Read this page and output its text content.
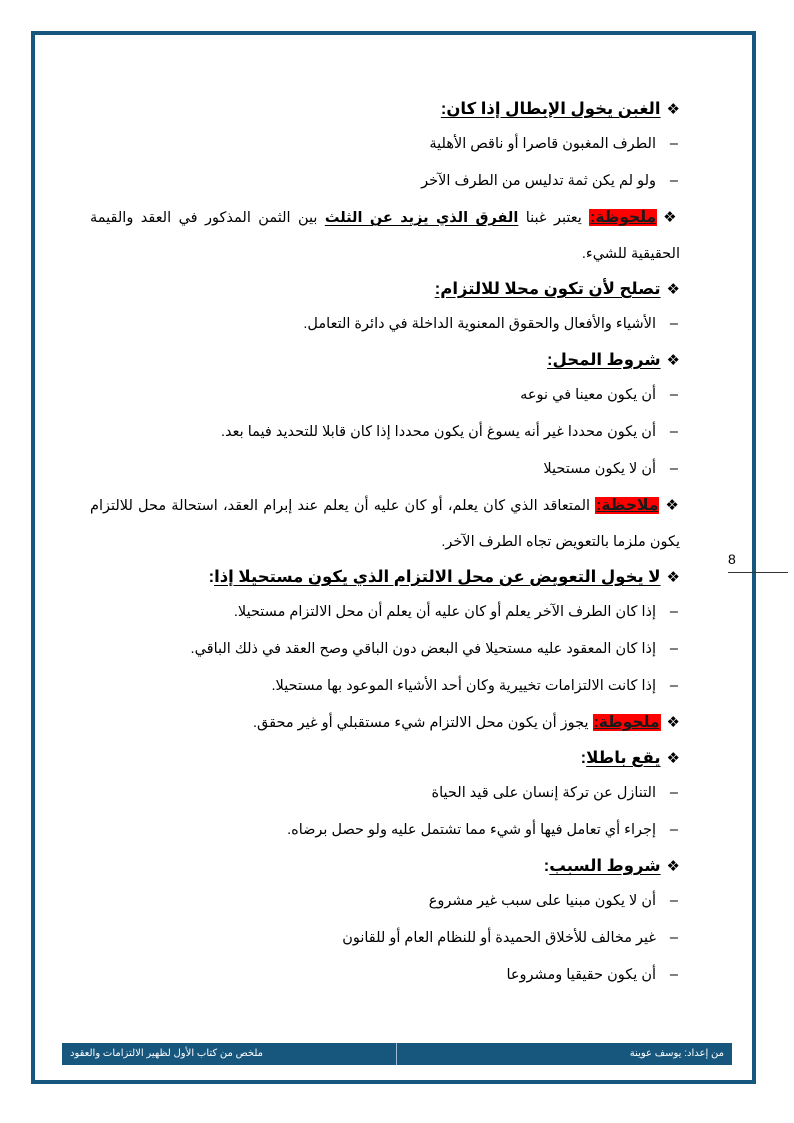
❖الغبن يخول الإبطال إذا كان:
–الطرف المغبون قاصرا أو ناقص الأهلية
–ولو لم يكن ثمة تدليس من الطرف الآخر
❖ملحوظة: يعتبر غبنا الفرق الذي يزيد عن الثلث بين الثمن المذكور في العقد والقيمة الحقيقية للشيء.
❖تصلح لأن تكون محلا للالتزام:
–الأشياء والأفعال والحقوق المعنوية الداخلة في دائرة التعامل.
❖شروط المحل:
–أن يكون معينا في نوعه
–أن يكون محددا غير أنه يسوغ أن يكون محددا إذا كان قابلا للتحديد فيما بعد.
–أن لا يكون مستحيلا
❖ملاحظة: المتعاقد الذي كان يعلم، أو كان عليه أن يعلم عند إبرام العقد، استحالة محل للالتزام يكون ملزما بالتعويض تجاه الطرف الآخر.
❖لا يخول التعويض عن محل الالتزام الذي يكون مستحيلا إذا:
–إذا كان الطرف الآخر يعلم أو كان عليه أن يعلم أن محل الالتزام مستحيلا.
–إذا كان المعقود عليه مستحيلا في البعض دون الباقي وصح العقد في ذلك الباقي.
–إذا كانت الالتزامات تخييرية وكان أحد الأشياء الموعود بها مستحيلا.
❖ملحوظة: يجوز أن يكون محل الالتزام شيء مستقبلي أو غير محقق.
❖يقع باطلا:
–التنازل عن تركة إنسان على قيد الحياة
–إجراء أي تعامل فيها أو شيء مما تشتمل عليه ولو حصل برضاه.
❖شروط السبب:
–أن لا يكون مبنيا على سبب غير مشروع
–غير مخالف للأخلاق الحميدة أو للنظام العام أو للقانون
–أن يكون حقيقيا ومشروعا
8
ملخص من كتاب الأول لظهير الالتزامات والعقود	من إعداد: يوسف عوينة
